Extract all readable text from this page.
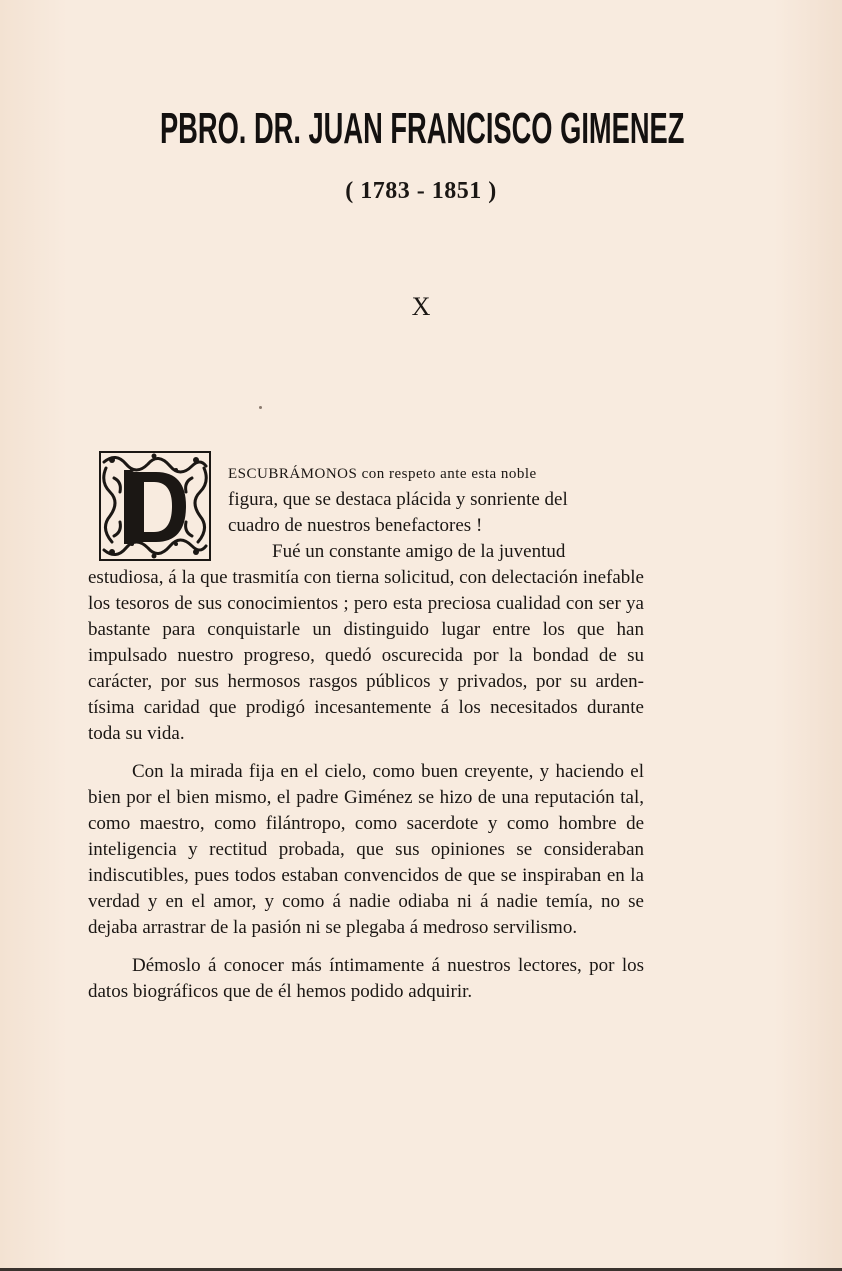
PBRO. DR. JUAN FRANCISCO GIMENEZ
( 1783 - 1851 )
X
ESCUBRÁMONOS con respeto ante esta noble
figura, que se destaca plácida y sonriente del
cuadro de nuestros benefactores !
Fué un constante amigo de la juventud

estudiosa, á la que trasmitía con tierna solicitud, con delectación inefable los tesoros de sus conocimientos ; pero esta preciosa cualidad con ser ya bastante para conquistarle un distinguido lugar entre los que han impulsado nuestro progreso, quedó oscurecida por la bondad de su carácter, por sus hermosos rasgos públicos y privados, por su ardentísima caridad que prodigó incesantemente á los necesitados durante toda su vida.

Con la mirada fija en el cielo, como buen creyente, y haciendo el bien por el bien mismo, el padre Giménez se hizo de una reputación tal, como maestro, como filántropo, como sacerdote y como hombre de inteligencia y rectitud probada, que sus opiniones se consideraban indiscutibles, pues todos estaban convencidos de que se inspiraban en la verdad y en el amor, y como á nadie odiaba ni á nadie temía, no se dejaba arrastrar de la pasión ni se plegaba á medroso servilismo.

Démoslo á conocer más íntimamente á nuestros lectores, por los datos biográficos que de él hemos podido adquirir.
